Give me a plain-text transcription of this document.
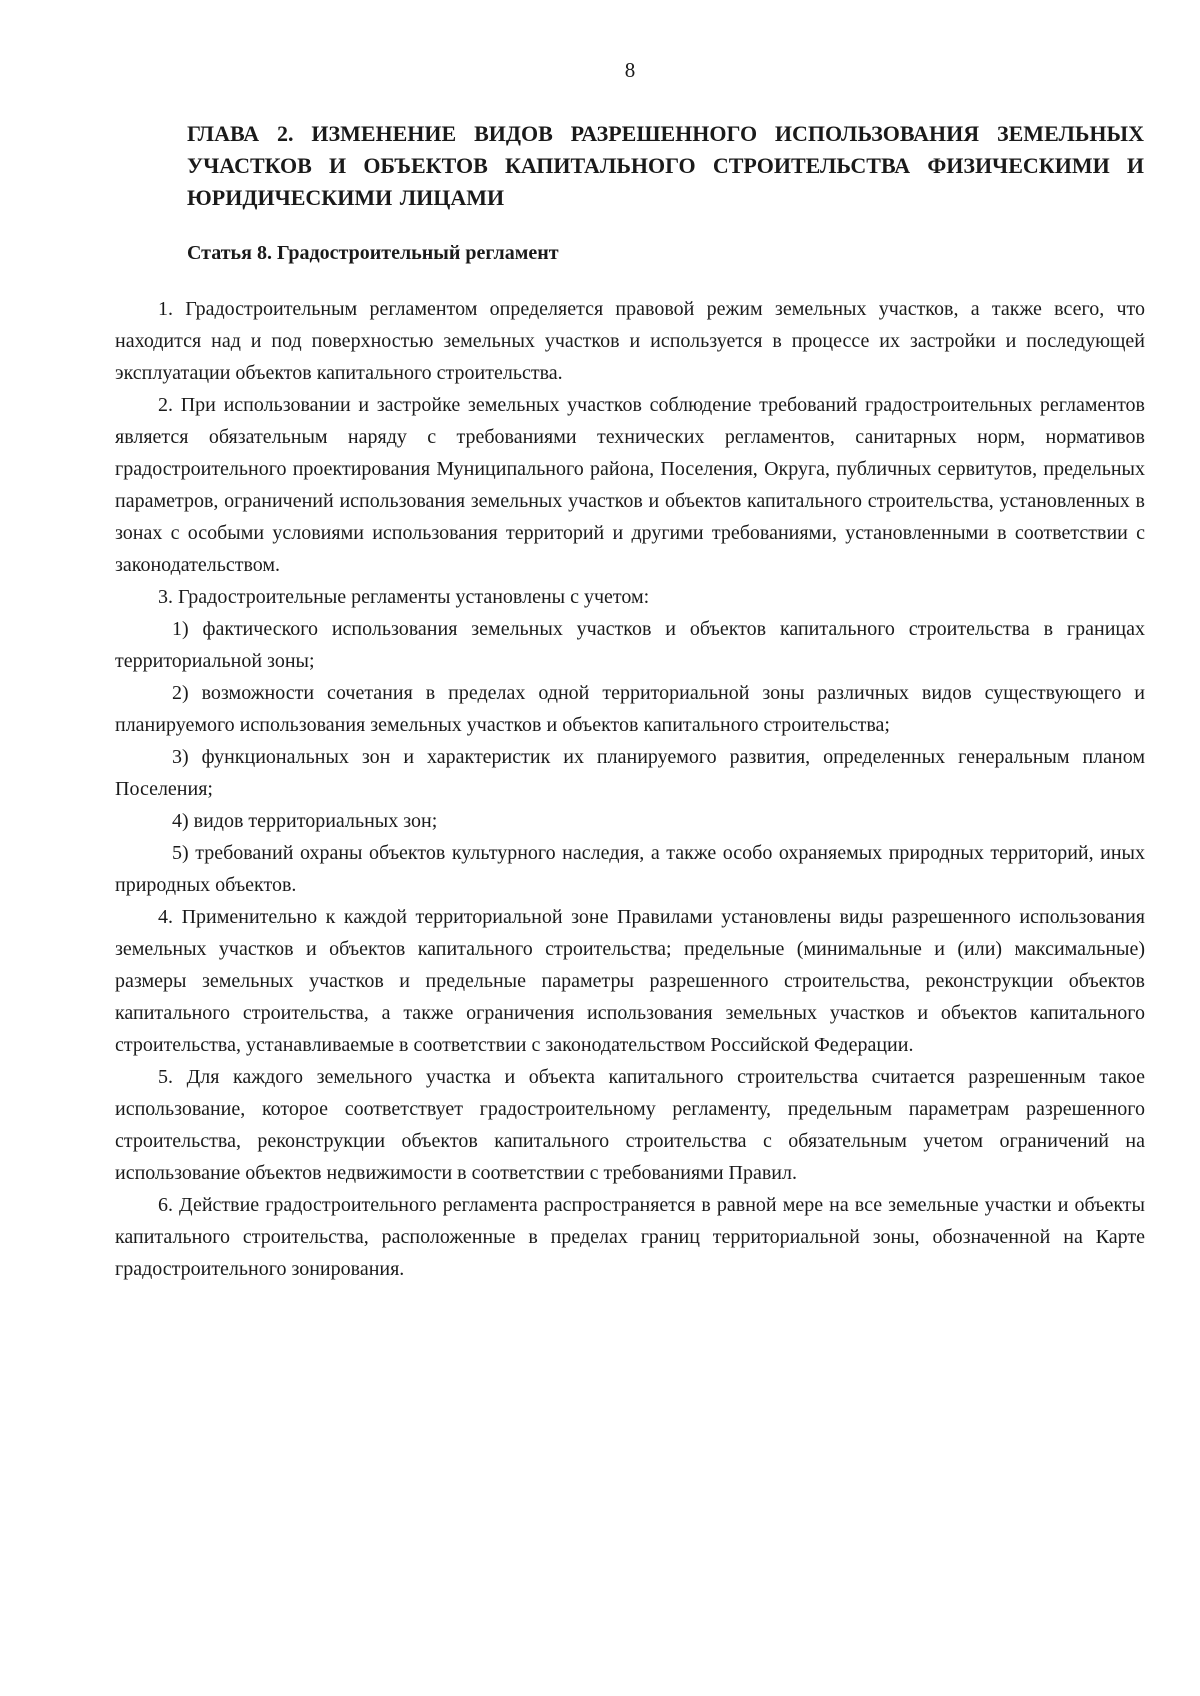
8
ГЛАВА 2. ИЗМЕНЕНИЕ ВИДОВ РАЗРЕШЕННОГО ИСПОЛЬЗОВАНИЯ ЗЕМЕЛЬНЫХ УЧАСТКОВ И ОБЪЕКТОВ КАПИТАЛЬНОГО СТРОИТЕЛЬСТВА ФИЗИЧЕСКИМИ И ЮРИДИЧЕСКИМИ ЛИЦАМИ
Статья 8. Градостроительный регламент

1. Градостроительным регламентом определяется правовой режим земельных участков, а также всего, что находится над и под поверхностью земельных участков и используется в процессе их застройки и последующей эксплуатации объектов капитального строительства.

2. При использовании и застройке земельных участков соблюдение требований градостроительных регламентов является обязательным наряду с требованиями технических регламентов, санитарных норм, нормативов градостроительного проектирования Муниципального района, Поселения, Округа, публичных сервитутов, предельных параметров, ограничений использования земельных участков и объектов капитального строительства, установленных в зонах с особыми условиями использования территорий и другими требованиями, установленными в соответствии с законодательством.

3. Градостроительные регламенты установлены с учетом:

1) фактического использования земельных участков и объектов капитального строительства в границах территориальной зоны;

2) возможности сочетания в пределах одной территориальной зоны различных видов существующего и планируемого использования земельных участков и объектов капитального строительства;

3) функциональных зон и характеристик их планируемого развития, определенных генеральным планом Поселения;

4) видов территориальных зон;

5) требований охраны объектов культурного наследия, а также особо охраняемых природных территорий, иных природных объектов.

4. Применительно к каждой территориальной зоне Правилами установлены виды разрешенного использования земельных участков и объектов капитального строительства; предельные (минимальные и (или) максимальные) размеры земельных участков и предельные параметры разрешенного строительства, реконструкции объектов капитального строительства, а также ограничения использования земельных участков и объектов капитального строительства, устанавливаемые в соответствии с законодательством Российской Федерации.

5. Для каждого земельного участка и объекта капитального строительства считается разрешенным такое использование, которое соответствует градостроительному регламенту, предельным параметрам разрешенного строительства, реконструкции объектов капитального строительства с обязательным учетом ограничений на использование объектов недвижимости в соответствии с требованиями Правил.

6. Действие градостроительного регламента распространяется в равной мере на все земельные участки и объекты капитального строительства, расположенные в пределах границ территориальной зоны, обозначенной на Карте градостроительного зонирования.
